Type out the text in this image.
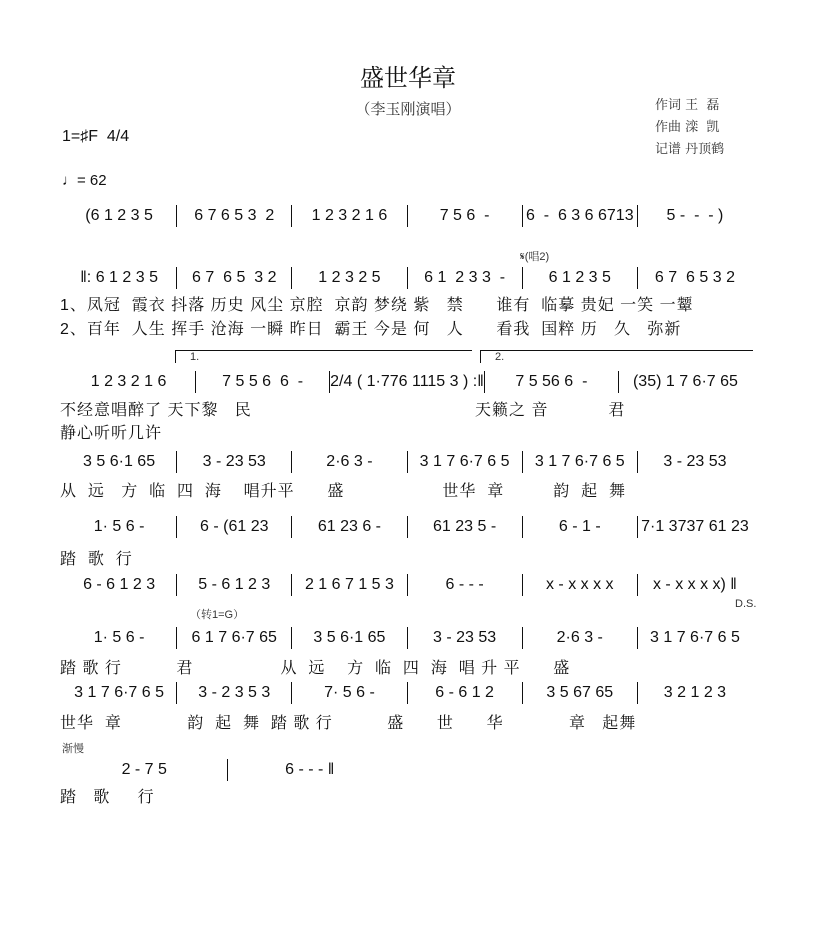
盛世华章
（李玉刚演唱）	作词 王  磊
作曲 滦  凯
记谱 丹顶鹤
1=♯F  4/4
♩= 62
𝄋(唱2)
1.	2.
D.S.
（转1=G）
渐慢
(6 1 2 3 5	6 7 6 5 3  2	1 2 3 2 1 6	7 5 6  -	6  -  6 3 6 6713	5 -  -  - )
‖: 6 1 2 3 5	6 7  6 5  3 2	1 2 3 2 5	6 1  2 3 3  -	6 1 2 3 5	6 7  6 5 3 2
1、凤冠  霞衣 抖落 历史 风尘 京腔  京韵 梦绕 紫   禁      谁有  临摹 贵妃 一笑 一颦
2、百年  人生 挥手 沧海 一瞬 昨日  霸王 今是 何   人      看我  国粹 历   久   弥新
1 2 3 2 1 6	7 5 5 6  6  -	2/4 ( 1·776 1115 3 ) :‖	7 5 56 6  -	(35) 1 7 6·7 65
不经意唱醉了 天下黎   民                                         天籁之 音           君
静心听听几许
3 5 6·1 65	3 - 23 53	2·6 3 -	3 1 7 6·7 6 5	3 1 7 6·7 6 5	3 - 23 53
从  远   方  临  四  海    唱升平      盛                  世华  章         韵  起  舞
1· 5 6 -	6 - (61 23	61 23 6 -	61 23 5 -	6 - 1 -	7·1 3737 61 23
踏  歌  行
6 - 6 1 2 3	5 - 6 1 2 3	2 1 6 7 1 5 3	6 - - -	x - x x x x	x - x x x x) ‖
1· 5 6 -	6 1 7 6·7 65	3 5 6·1 65	3 - 23 53	2·6 3 -	3 1 7 6·7 6 5
踏 歌 行          君                从  远    方  临  四  海  唱 升 平      盛
3 1 7 6·7 6 5	3 - 2 3 5 3	7· 5 6 -	6 - 6 1 2	3 5 67 65	3 2 1 2 3
世华  章            韵  起  舞  踏 歌 行          盛      世      华            章   起舞
2 - 7 5	6 - - - ‖
踏   歌     行
